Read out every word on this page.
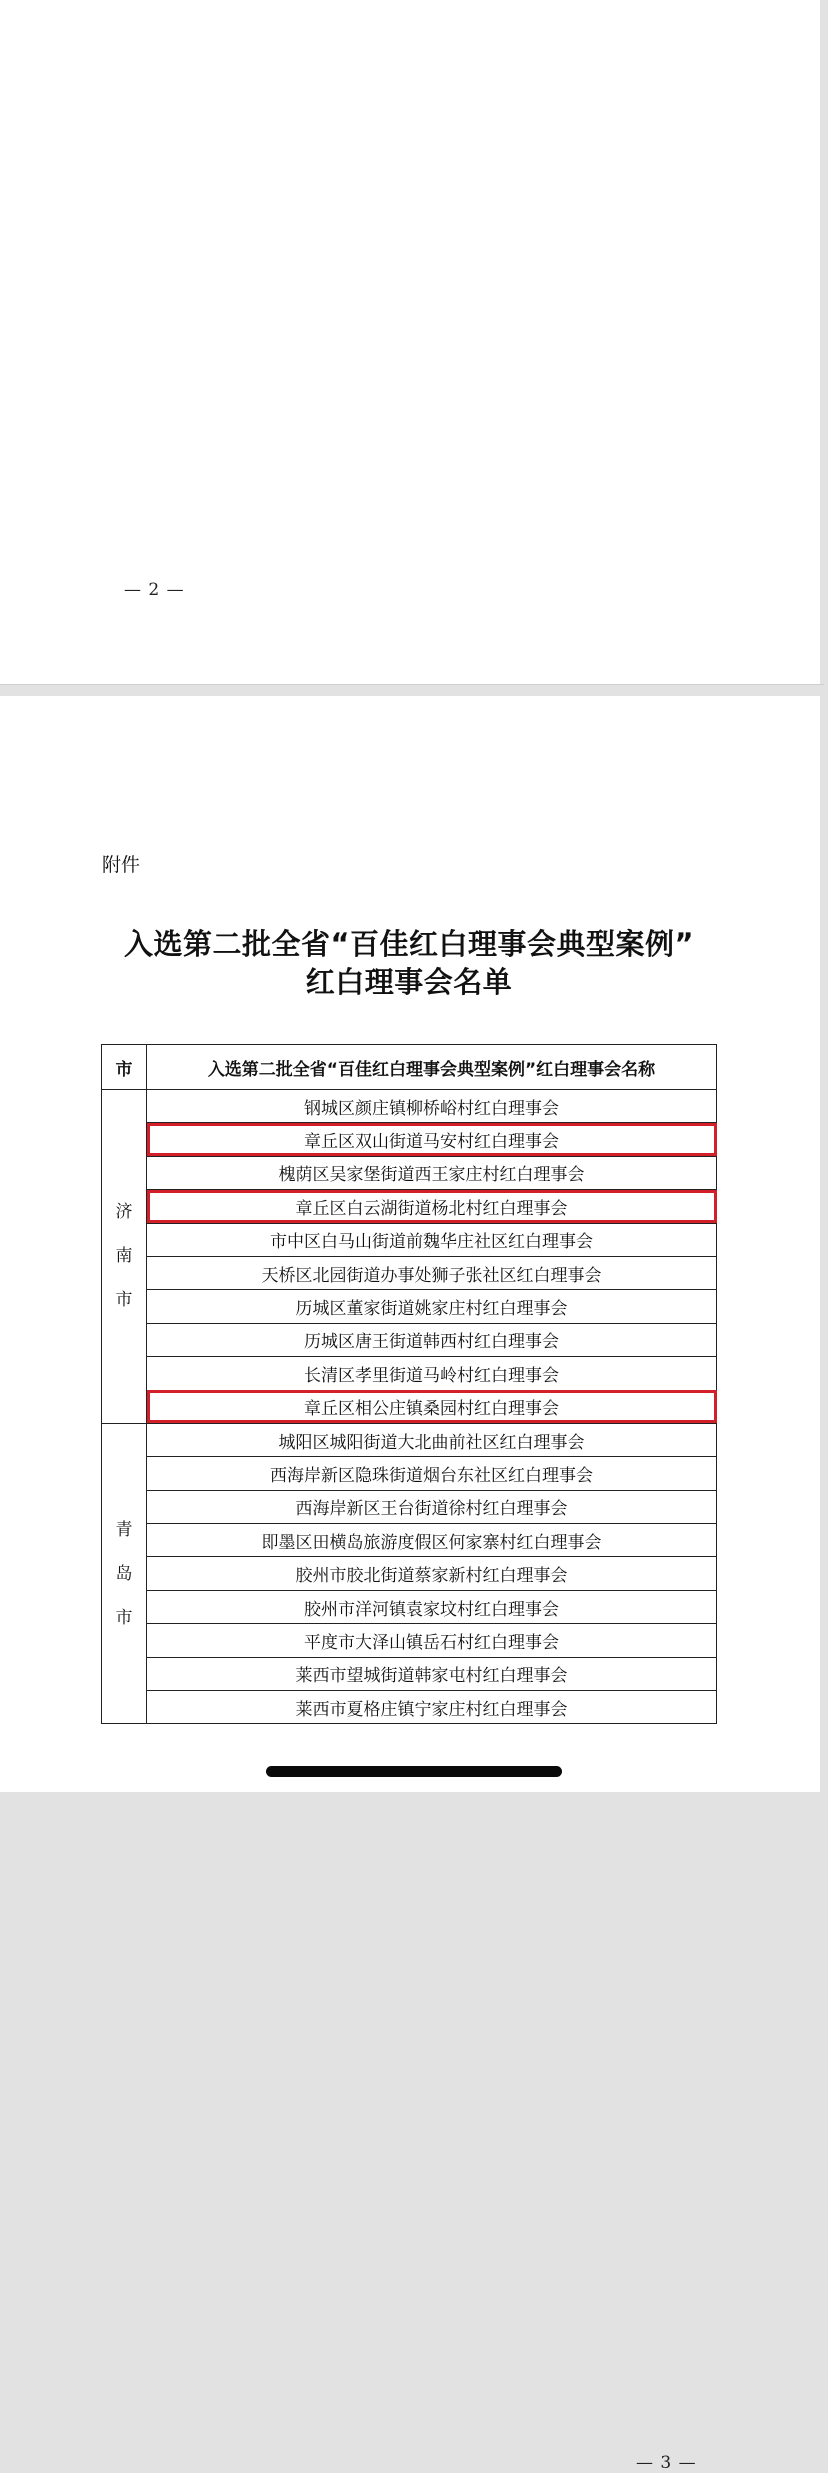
— 2 —
附件
入选第二批全省“百佳红白理事会典型案例”
红白理事会名单
市	入选第二批全省“百佳红白理事会典型案例”红白理事会名称

济
南
市	钢城区颜庄镇柳桥峪村红白理事会
	章丘区双山街道马安村红白理事会
	槐荫区吴家堡街道西王家庄村红白理事会
	章丘区白云湖街道杨北村红白理事会
	市中区白马山街道前魏华庄社区红白理事会
	天桥区北园街道办事处狮子张社区红白理事会
	历城区董家街道姚家庄村红白理事会
	历城区唐王街道韩西村红白理事会
	长清区孝里街道马岭村红白理事会
	章丘区相公庄镇桑园村红白理事会

青
岛
市	城阳区城阳街道大北曲前社区红白理事会
	西海岸新区隐珠街道烟台东社区红白理事会
	西海岸新区王台街道徐村红白理事会
	即墨区田横岛旅游度假区何家寨村红白理事会
	胶州市胶北街道蔡家新村红白理事会
	胶州市洋河镇袁家坟村红白理事会
	平度市大泽山镇岳石村红白理事会
	莱西市望城街道韩家屯村红白理事会
	莱西市夏格庄镇宁家庄村红白理事会
— 3 —
